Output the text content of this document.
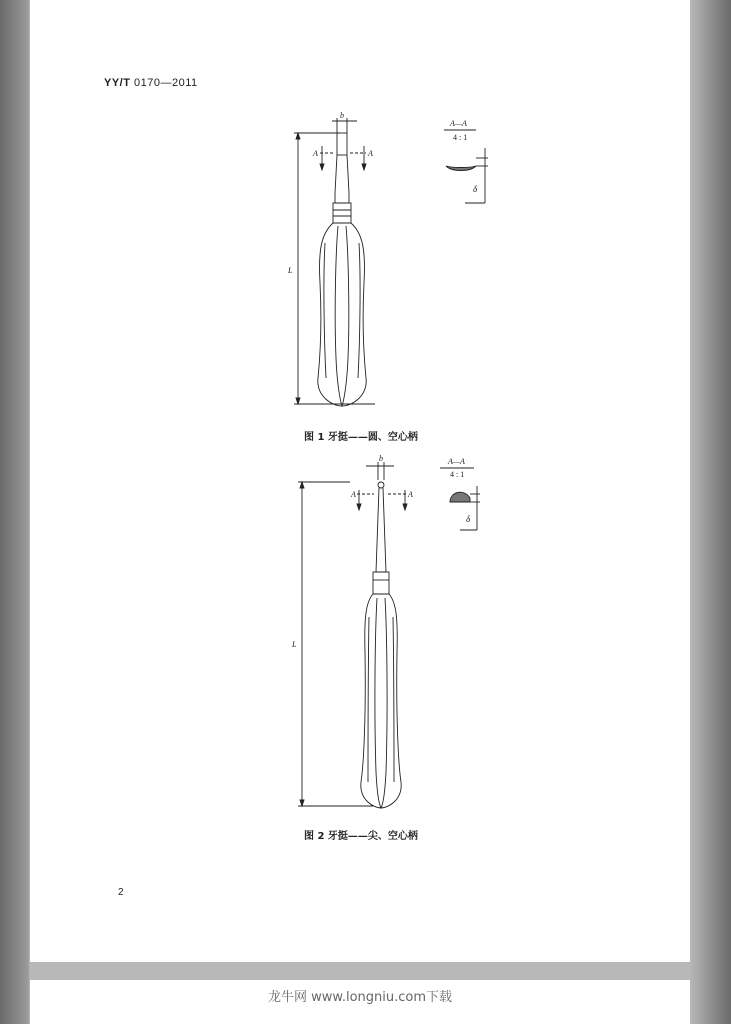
YY/T 0170—2011
b
A	A
L
A—A
4 : 1
δ
图 1 牙挺——圆、空心柄
b
A	A
L
A—A
4 : 1
δ
图 2 牙挺——尖、空心柄
2
龙牛网 www.longniu.com下载
